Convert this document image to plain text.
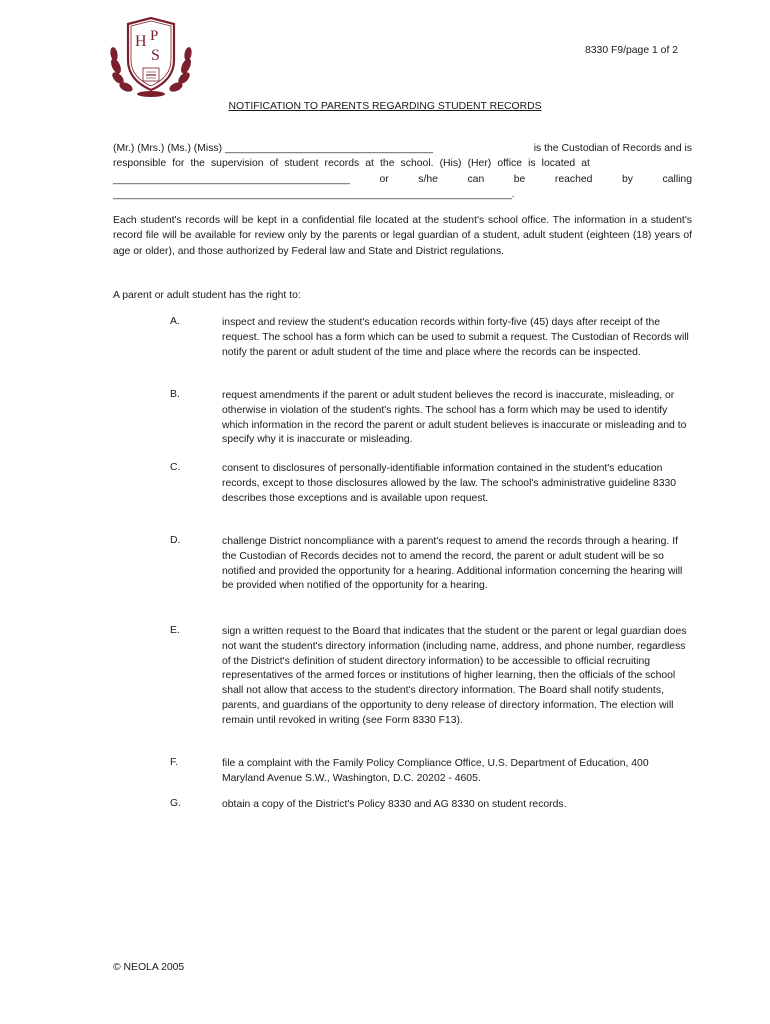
H P
S	8330 F9/page 1 of 2
NOTIFICATION TO PARENTS REGARDING STUDENT RECORDS
(Mr.) (Mrs.) (Ms.) (Miss) ____________________________________	is the Custodian of Records and is
responsible for the supervision of student records at the school. (His) (Her) office is located at
_________________________________________	or	s/he	can	be	reached	by	calling
_____________________________________________________________________.
Each student's records will be kept in a confidential file located at the student's school office. The information in a student's record file will be available for review only by the parents or legal guardian of a student, adult student (eighteen (18) years of age or older), and those authorized by Federal law and State and District regulations.
A parent or adult student has the right to:
A.	inspect and review the student's education records within forty-five (45) days after receipt of the request. The school has a form which can be used to submit a request. The Custodian of Records will notify the parent or adult student of the time and place where the records can be inspected.
B.	request amendments if the parent or adult student believes the record is inaccurate, misleading, or otherwise in violation of the student's rights. The school has a form which may be used to identify which information in the record the parent or adult student believes is inaccurate or misleading and to specify why it is inaccurate or misleading.
C.	consent to disclosures of personally-identifiable information contained in the student's education records, except to those disclosures allowed by the law. The school's administrative guideline 8330 describes those exceptions and is available upon request.
D.	challenge District noncompliance with a parent's request to amend the records through a hearing. If the Custodian of Records decides not to amend the record, the parent or adult student will be so notified and provided the opportunity for a hearing. Additional information concerning the hearing will be provided when notified of the opportunity for a hearing.
E.	sign a written request to the Board that indicates that the student or the parent or legal guardian does not want the student's directory information (including name, address, and phone number, regardless of the District's definition of student directory information) to be accessible to official recruiting representatives of the armed forces or institutions of higher learning, then the officials of the school shall not allow that access to the student's directory information. The Board shall notify students, parents, and guardians of the opportunity to deny release of directory information. The election will remain until revoked in writing (see Form 8330 F13).
F.	file a complaint with the Family Policy Compliance Office, U.S. Department of Education, 400 Maryland Avenue S.W., Washington, D.C. 20202 - 4605.
G.	obtain a copy of the District's Policy 8330 and AG 8330 on student records.
© NEOLA 2005
